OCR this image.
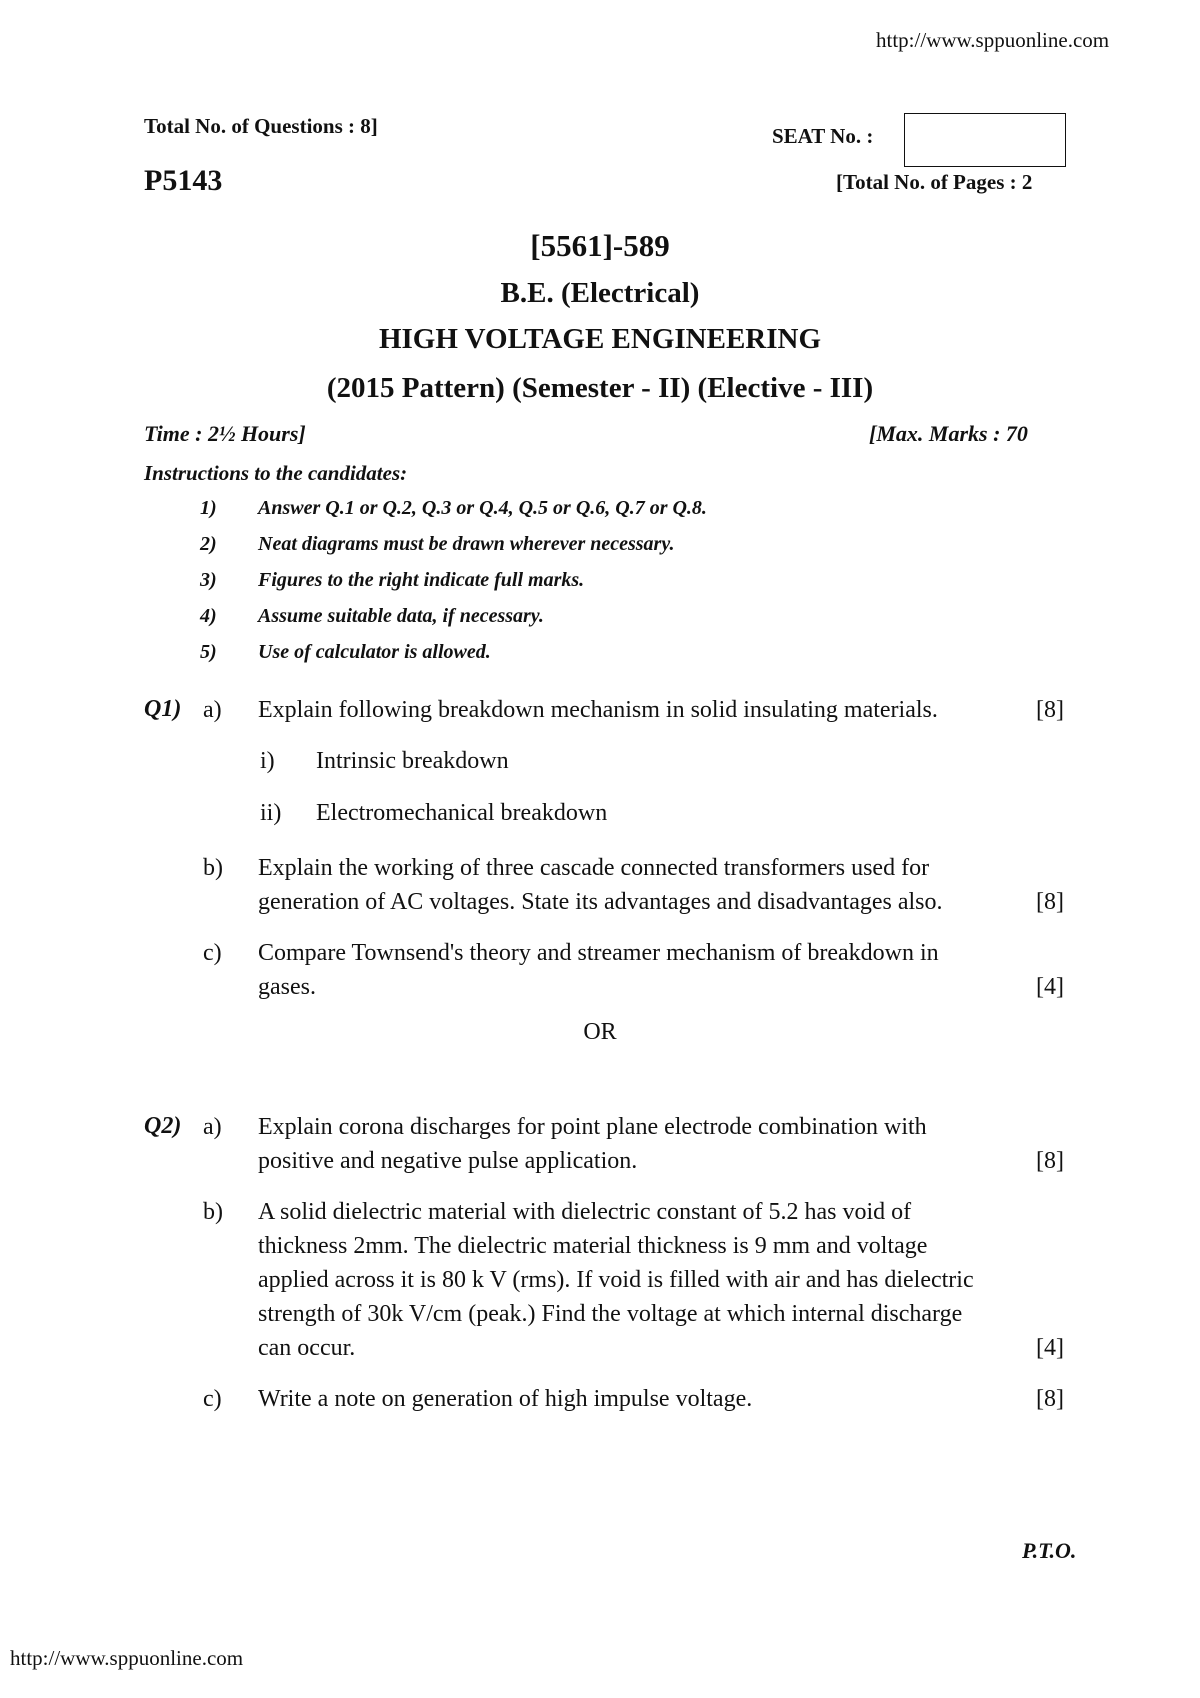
http://www.sppuonline.com
Total No. of Questions : 8]	SEAT No. :
P5143	[Total No. of Pages : 2
[5561]-589
B.E. (Electrical)
HIGH VOLTAGE ENGINEERING
(2015 Pattern) (Semester - II) (Elective - III)
Time : 2½ Hours]	[Max. Marks : 70
Instructions to the candidates:
1) Answer Q.1 or Q.2, Q.3 or Q.4, Q.5 or Q.6, Q.7 or Q.8.
2) Neat diagrams must be drawn wherever necessary.
3) Figures to the right indicate full marks.
4) Assume suitable data, if necessary.
5) Use of calculator is allowed.
Q1) a) Explain following breakdown mechanism in solid insulating materials.	[8]
i) Intrinsic breakdown
ii) Electromechanical breakdown
b) Explain the working of three cascade connected transformers used for
generation of AC voltages. State its advantages and disadvantages also.	[8]
c) Compare Townsend's theory and streamer mechanism of breakdown in
gases.	[4]
OR
Q2) a) Explain corona discharges for point plane electrode combination with
positive and negative pulse application.	[8]
b) A solid dielectric material with dielectric constant of 5.2 has void of
thickness 2mm. The dielectric material thickness is 9 mm and voltage
applied across it is 80 k V (rms). If void is filled with air and has dielectric
strength of 30k V/cm (peak.) Find the voltage at which internal discharge
can occur.	[4]
c) Write a note on generation of high impulse voltage.	[8]
P.T.O.
http://www.sppuonline.com
